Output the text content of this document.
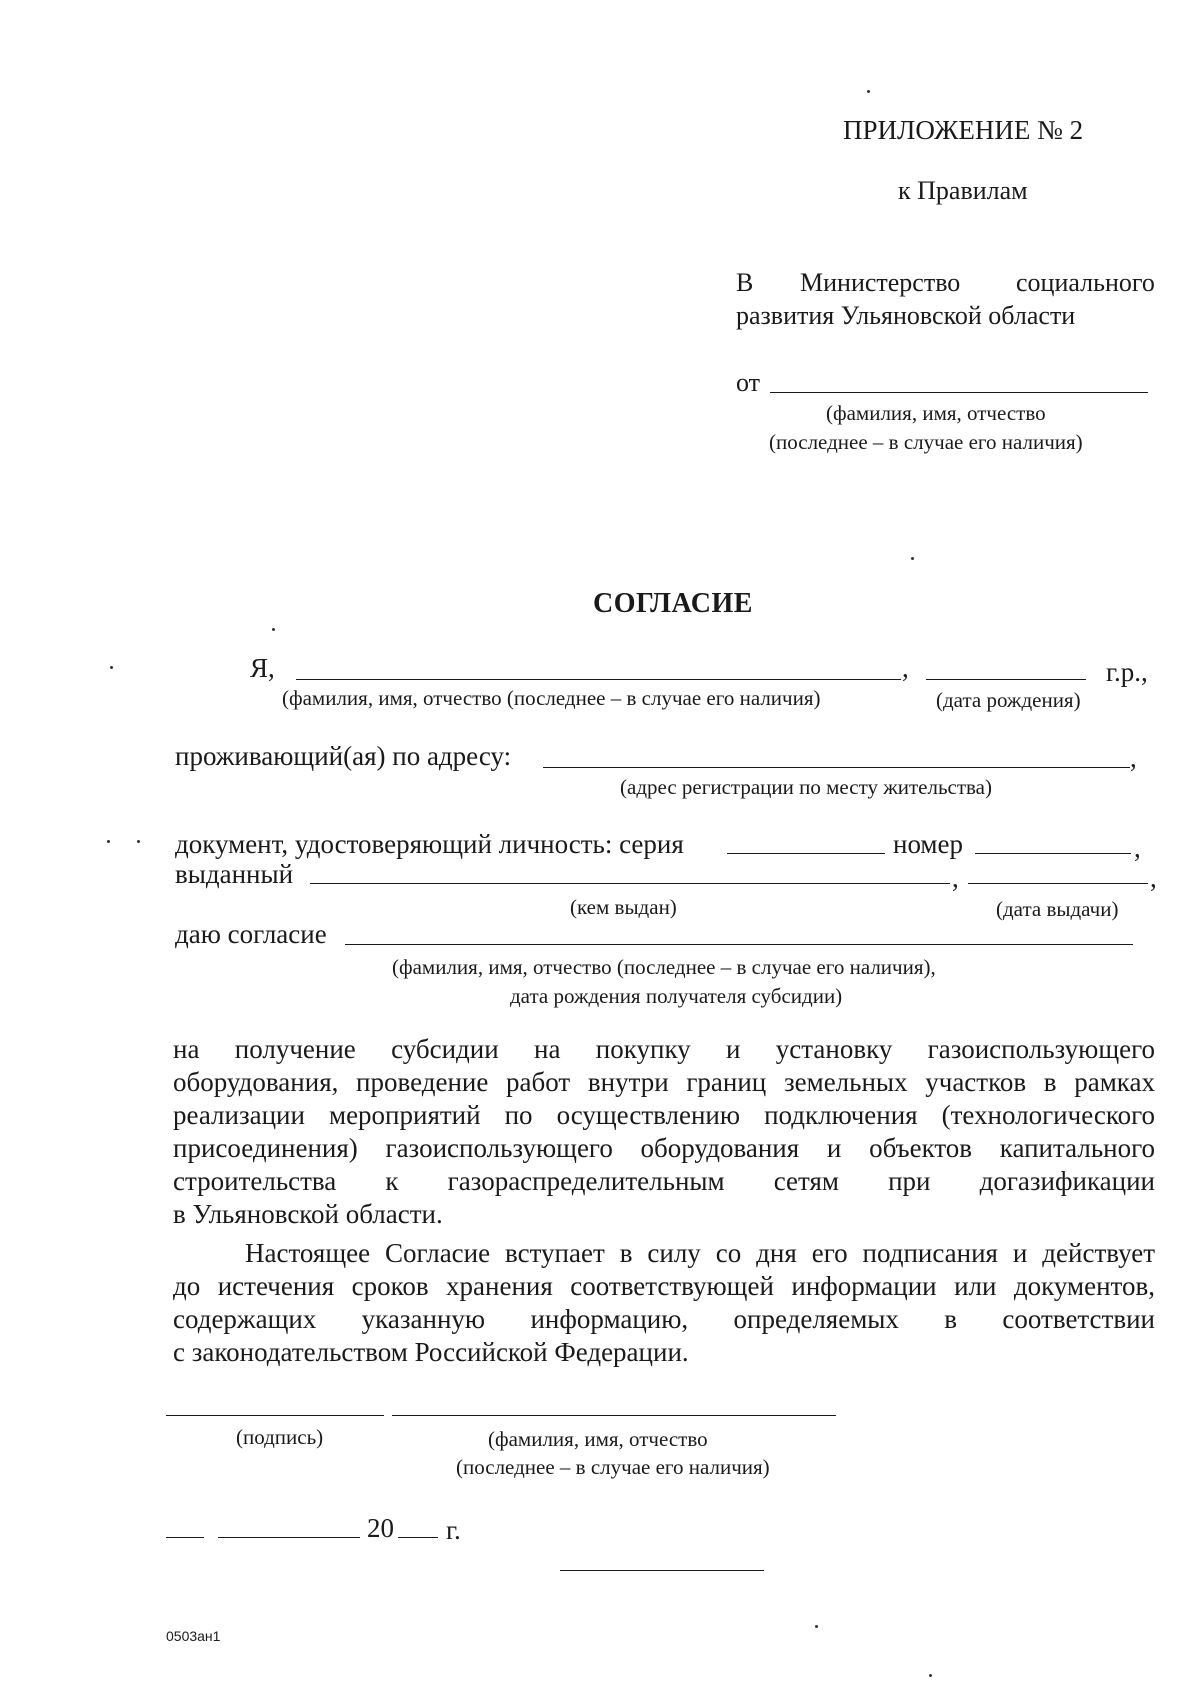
ПРИЛОЖЕНИЕ № 2
к Правилам
В Министерство социального
развития Ульяновской области
от
(фамилия, имя, отчество
(последнее – в случае его наличия)
СОГЛАСИЕ
Я,	,	г.р.,
(фамилия, имя, отчество (последнее – в случае его наличия)	(дата рождения)
проживающий(ая) по адресу:	,
(адрес регистрации по месту жительства)
документ, удостоверяющий личность: серия	номер	,
выданный	,	,
(кем выдан)	(дата выдачи)
даю согласие
(фамилия, имя, отчество (последнее – в случае его наличия),
дата рождения получателя субсидии)
на получение субсидии на покупку и установку газоиспользующего
оборудования, проведение работ внутри границ земельных участков в рамках
реализации мероприятий по осуществлению подключения (технологического
присоединения) газоиспользующего оборудования и объектов капитального
строительства к газораспределительным сетям при догазификации
в Ульяновской области.
Настоящее Согласие вступает в силу со дня его подписания и действует
до истечения сроков хранения соответствующей информации или документов,
содержащих указанную информацию, определяемых в соответствии
с законодательством Российской Федерации.
(подпись)	(фамилия, имя, отчество
(последнее – в случае его наличия)
20 г.
0503ан1
